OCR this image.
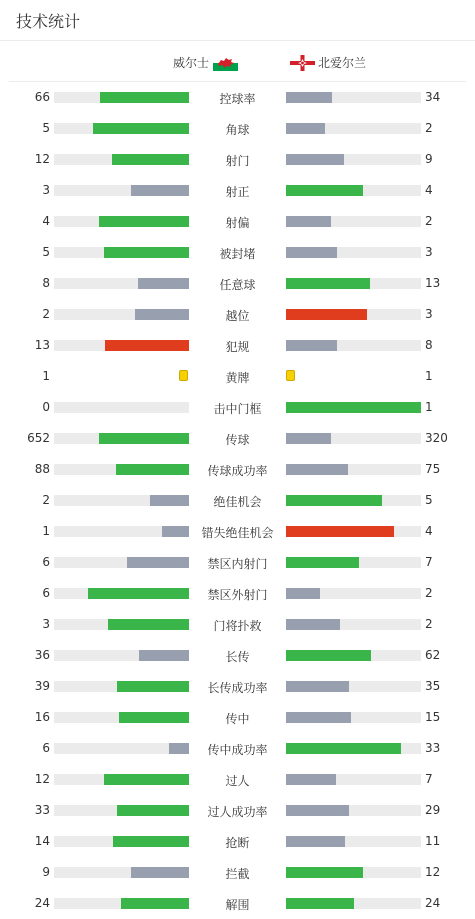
技术统计
威尔士	北爱尔兰
66	控球率	34
5	角球	2
12	射门	9
3	射正	4
4	射偏	2
5	被封堵	3
8	任意球	13
2	越位	3
13	犯规	8
1	黄牌	1
0	击中门框	1
652	传球	320
88	传球成功率	75
2	绝佳机会	5
1	错失绝佳机会	4
6	禁区内射门	7
6	禁区外射门	2
3	门将扑救	2
36	长传	62
39	长传成功率	35
16	传中	15
6	传中成功率	33
12	过人	7
33	过人成功率	29
14	抢断	11
9	拦截	12
24	解围	24
